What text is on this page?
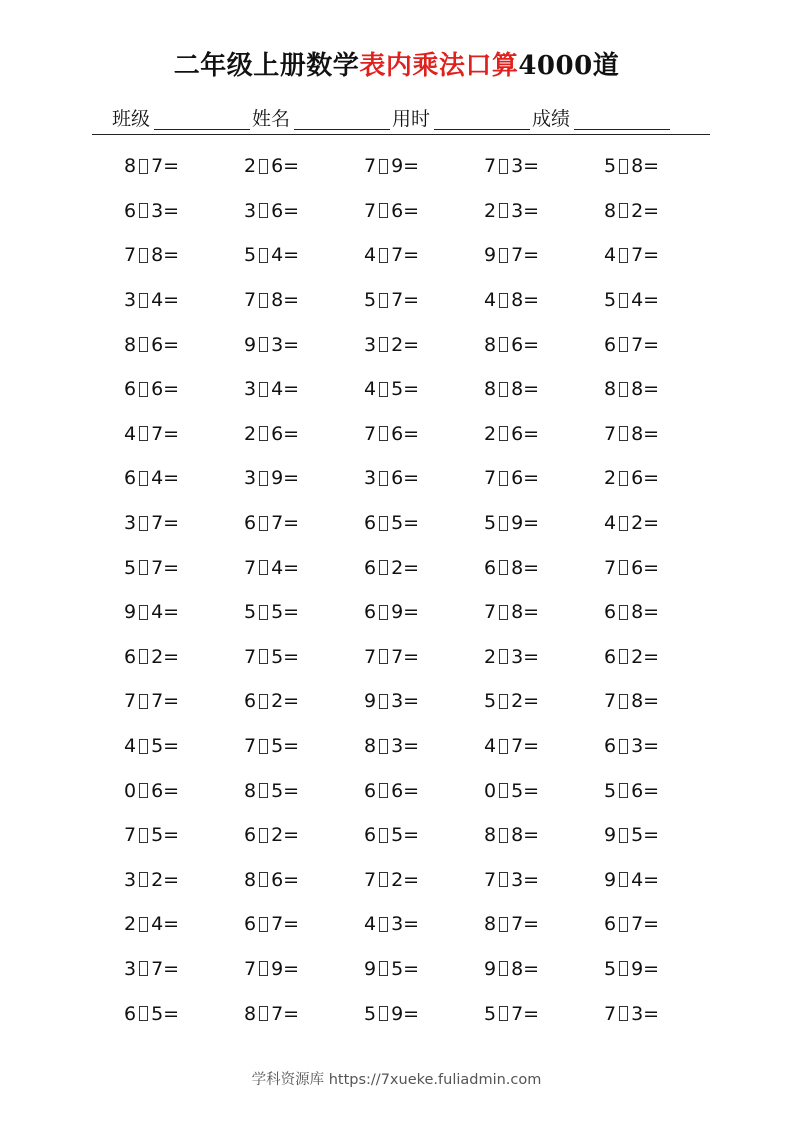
二年级上册数学表内乘法口算4000道
班级	姓名	用时	成绩
8 7=	2 6=	7 9=	7 3=	5 8=
6 3=	3 6=	7 6=	2 3=	8 2=
7 8=	5 4=	4 7=	9 7=	4 7=
3 4=	7 8=	5 7=	4 8=	5 4=
8 6=	9 3=	3 2=	8 6=	6 7=
6 6=	3 4=	4 5=	8 8=	8 8=
4 7=	2 6=	7 6=	2 6=	7 8=
6 4=	3 9=	3 6=	7 6=	2 6=
3 7=	6 7=	6 5=	5 9=	4 2=
5 7=	7 4=	6 2=	6 8=	7 6=
9 4=	5 5=	6 9=	7 8=	6 8=
6 2=	7 5=	7 7=	2 3=	6 2=
7 7=	6 2=	9 3=	5 2=	7 8=
4 5=	7 5=	8 3=	4 7=	6 3=
0 6=	8 5=	6 6=	0 5=	5 6=
7 5=	6 2=	6 5=	8 8=	9 5=
3 2=	8 6=	7 2=	7 3=	9 4=
2 4=	6 7=	4 3=	8 7=	6 7=
3 7=	7 9=	9 5=	9 8=	5 9=
6 5=	8 7=	5 9=	5 7=	7 3=
学科资源库 https://7xueke.fuliadmin.com
